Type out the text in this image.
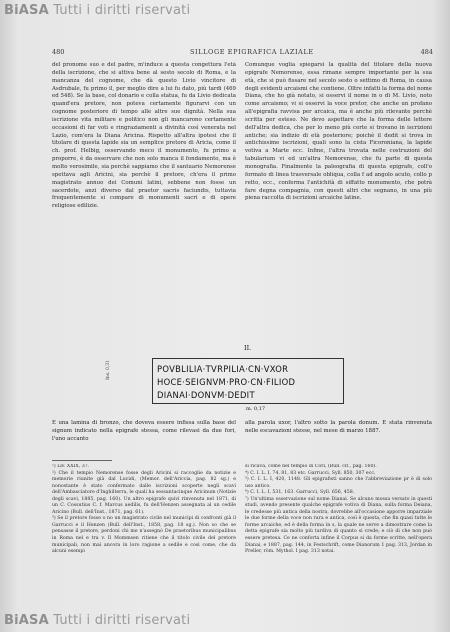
BiASA Tutti i diritti riservati
480	SILLOGE EPIGRAFICA LAZIALE	484

del pronome suo e del padre, m'induce a questa congettura l'età della iscrizione, che si attiva bene al sesto secolo di Roma, e la mancanza del cognome, che dà questo Livio vincitore di Asdrubale, fu primo il, per meglio dire a lui fu dato, più tardi (469 ed 548). Se la base, col donario e colla statua, fu da Livio dedicata quand'era pretore, non poteva certamente figurarvi con un cognome posteriore di tempo alle altre sue dignità. Nella sua iscrizione vita militare e politico non gli mancarono certamente occasioni di far voti e ringraziamenti a divinità così venerata nel Lazio, com'era la Diana Aricina. Rispetto all'altra ipotesi che il titolare di questa lapide sia un semplice pretore di Aricia, come il ch. prof. Helbig, osservando meco il monumento, fu primo a proporre, è da osservare che non solo manca il fondamento, ma è molto verosimile, sia perchè sappiamo che il santuario Nemorense spettava agli Aricini, sia perchè il pretore, ch'era il primo magistrato annuo dei Comuni latini, sebbene non fosse un sacerdote, anzi diverso dal praetor sacris faciundis, tuttavia frequentemente si compare di monumenti sacri e di opere religiose edilizie.

Comunque voglia spiegarsi la qualità del titolare della nuova epigrafe Nemorense, essa rimane sempre importante per la sua età, che si può fissare nel secolo sesto o settimo di Roma, in causa degli evidenti arcaismi che contiene. Oltre infatti la forma del nome Diana, che ho già notato, si osservi il nome in o di M. Livio, noto come arcaismo; vi si osservi la voce pretor, che anche un profano all'epigrafia ravvisa per arcaica, ma è anche più rilevante perchè scritta per esteso. Ne devo aspettare che la forma delle lettere dell'altra dedica, che per lo meno più certe si trovano in iscrizioni antiche; sia indizio di età posteriore; poichè il dedit si trova in antichissime iscrizioni, quali sono la cista Ficoroniana, la lapide votiva a Marte ecc. Infine, l'altra trovata nelle costruzioni del tabularium vi ed un'altra Nemorense, che fu parte di questa monografia. Finalmente la paleografia di questa epigrafe, coll'o formato di linea trasversale obliqua, colla f ad angolo acuto, collo p retto, ecc., conferma l'antichità di siffatto monumento, che potrà fare degna compagnia, con questi altri che segnano, in una più piena raccolta di iscrizioni arcaiche latine.

II.
Ins. 0,31	POVBLILIA·TVRPILIA·CN·VXOR
HOCE·SEIGNVM·PRO·CN·FILIOD
DIANAI·DONVM·DEDIT
m. 0,17
È una lamina di bronzo, che doveva essere infissa sulla base del signum indicato nella epigrafe stessa, come rilevasi da due fori, l'uno accanto
alla parola uxor, l'altro sotto la parola donum. È stata rinvenuta nelle escavazioni stesse, nel mese di marzo 1887.

¹) Liv. XXIX, 37.

²) Che il tempio Nemorense fosse degli Aricini si raccoglie da notizie e memorie riunite già dal Lucidi, (Memor. dell'Ariccia, pag. 82 sg.) e nonostante è stato confermato dalle iscrizioni scoperte negli scavi dell'Ambasciatore d'Inghilterra, le quali ha sessantacinque Aricinum (Notizie degli scavi, 1885, pag. 160). Un altro epigrafe quivi rinvenuta nel 1871, di un C. Cossutius C. f. Marcus aedilis, fu dell'Henzen assegnata al un cedile Aricino (Bull. dell'Inst., 1871, pag. 61).

³) Se il pretore fosse o no un magistrato civile nel municipi di confronti già il Garrucci e il Henzen (Bull. dell'Inst., 1858, pag. 18 sg.). Non so che se pensasse il pretore, perdoni chi me n'assegnò De praetoribus municipalibus in Roma nel e tra v. Il Mommsen ritiene che il titolo civile del pretore municipali, non mai ancora in loro ragione a sedile e così come, che da alcuni esempi

si ricava, come nel tempio di Cori, (Bull. cit., pag. 160).

⁴) C. I. L. I, 74, 81, 83 etc. Garrucci, Syll. 850, 307 ecc.

⁵) C. I. L. I, 420, 1148. Gli epigrafisti sanno che l'abbreviazione pr è di solo uso antico.

⁶) C. I. L. I, 531, 163. Garrucci, Syll. 656, 458.

⁷) Un'ultima osservazione sul nome Dianai. Se alcuno mossa versato in questi studi, avendo presente qualche epigrafe votiva di Diana, sulla forma Deiana, le credesse più antica della nostra, dovrebbe all'occasione apporre imparziale le due forme della voce non rara e antica, così è questa, che fin quasi tutte le forme arcaiche, ed è della forma in s, la quale ne serve a dimostrare come la detta epigrafe sia molto più tardiva di quanto si crede; e ciò di che non può essere pretesa. Ce ne conforta infine il Corpus si da forme scritte, nell'opera Dianai, e 1887, pag. 144, in Festschrift, come Dianorum 1 pag. 313, Jordan in Preller, röm. Mythol. I pag. 313 notai.

BiASA Tutti i diritti riservati
